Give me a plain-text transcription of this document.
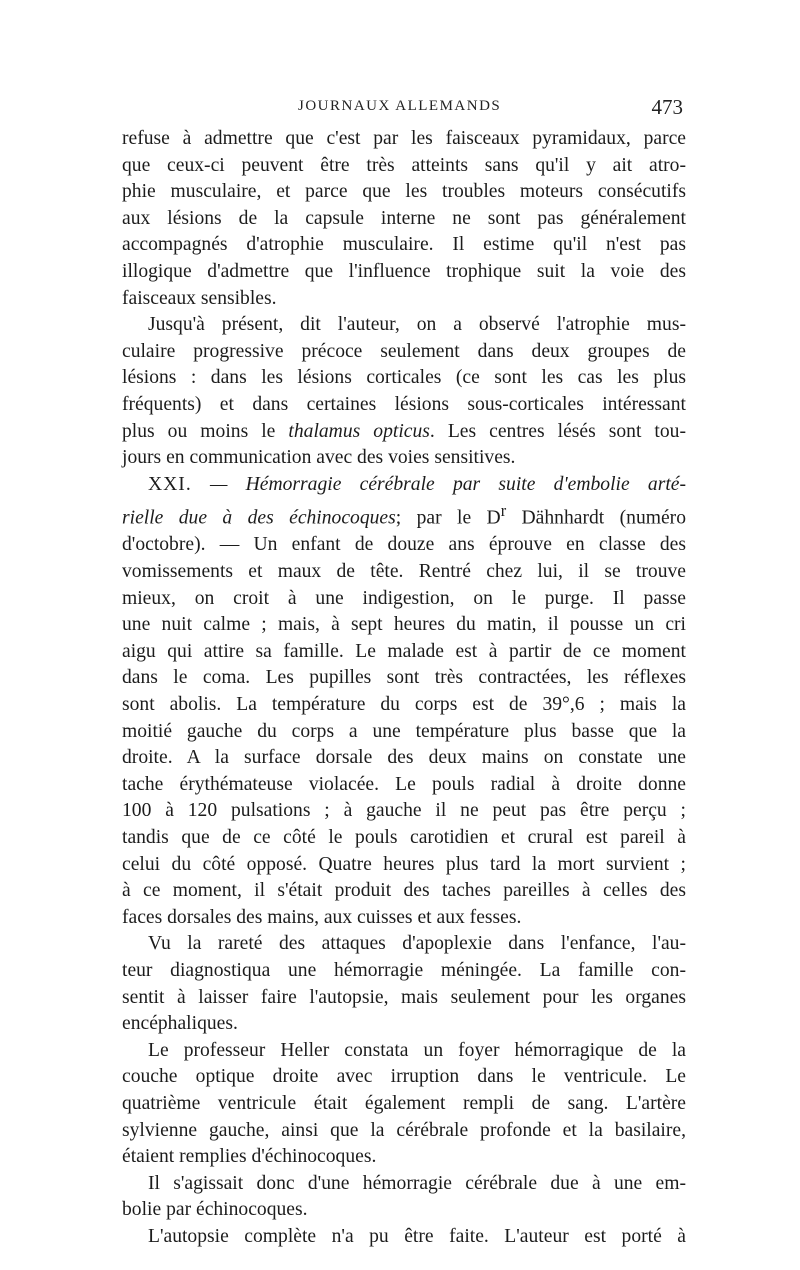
JOURNAUX ALLEMANDS	473
refuse à admettre que c'est par les faisceaux pyramidaux, parce
que ceux-ci peuvent être très atteints sans qu'il y ait atro-
phie musculaire, et parce que les troubles moteurs consécutifs
aux lésions de la capsule interne ne sont pas généralement
accompagnés d'atrophie musculaire. Il estime qu'il n'est pas
illogique d'admettre que l'influence trophique suit la voie des
faisceaux sensibles.
Jusqu'à présent, dit l'auteur, on a observé l'atrophie mus-
culaire progressive précoce seulement dans deux groupes de
lésions : dans les lésions corticales (ce sont les cas les plus
fréquents) et dans certaines lésions sous-corticales intéressant
plus ou moins le thalamus opticus. Les centres lésés sont tou-
jours en communication avec des voies sensitives.
XXI. — Hémorragie cérébrale par suite d'embolie arté-
rielle due à des échinocoques; par le $D^r$ Dähnhardt (numéro
d'octobre). — Un enfant de douze ans éprouve en classe des
vomissements et maux de tête. Rentré chez lui, il se trouve
mieux, on croit à une indigestion, on le purge. Il passe
une nuit calme ; mais, à sept heures du matin, il pousse un cri
aigu qui attire sa famille. Le malade est à partir de ce moment
dans le coma. Les pupilles sont très contractées, les réflexes
sont abolis. La température du corps est de 39°,6 ; mais la
moitié gauche du corps a une température plus basse que la
droite. A la surface dorsale des deux mains on constate une
tache érythémateuse violacée. Le pouls radial à droite donne
100 à 120 pulsations ; à gauche il ne peut pas être perçu ;
tandis que de ce côté le pouls carotidien et crural est pareil à
celui du côté opposé. Quatre heures plus tard la mort survient ;
à ce moment, il s'était produit des taches pareilles à celles des
faces dorsales des mains, aux cuisses et aux fesses.
Vu la rareté des attaques d'apoplexie dans l'enfance, l'au-
teur diagnostiqua une hémorragie méningée. La famille con-
sentit à laisser faire l'autopsie, mais seulement pour les organes
encéphaliques.
Le professeur Heller constata un foyer hémorragique de la
couche optique droite avec irruption dans le ventricule. Le
quatrième ventricule était également rempli de sang. L'artère
sylvienne gauche, ainsi que la cérébrale profonde et la basilaire,
étaient remplies d'échinocoques.
Il s'agissait donc d'une hémorragie cérébrale due à une em-
bolie par échinocoques.
L'autopsie complète n'a pu être faite. L'auteur est porté à
